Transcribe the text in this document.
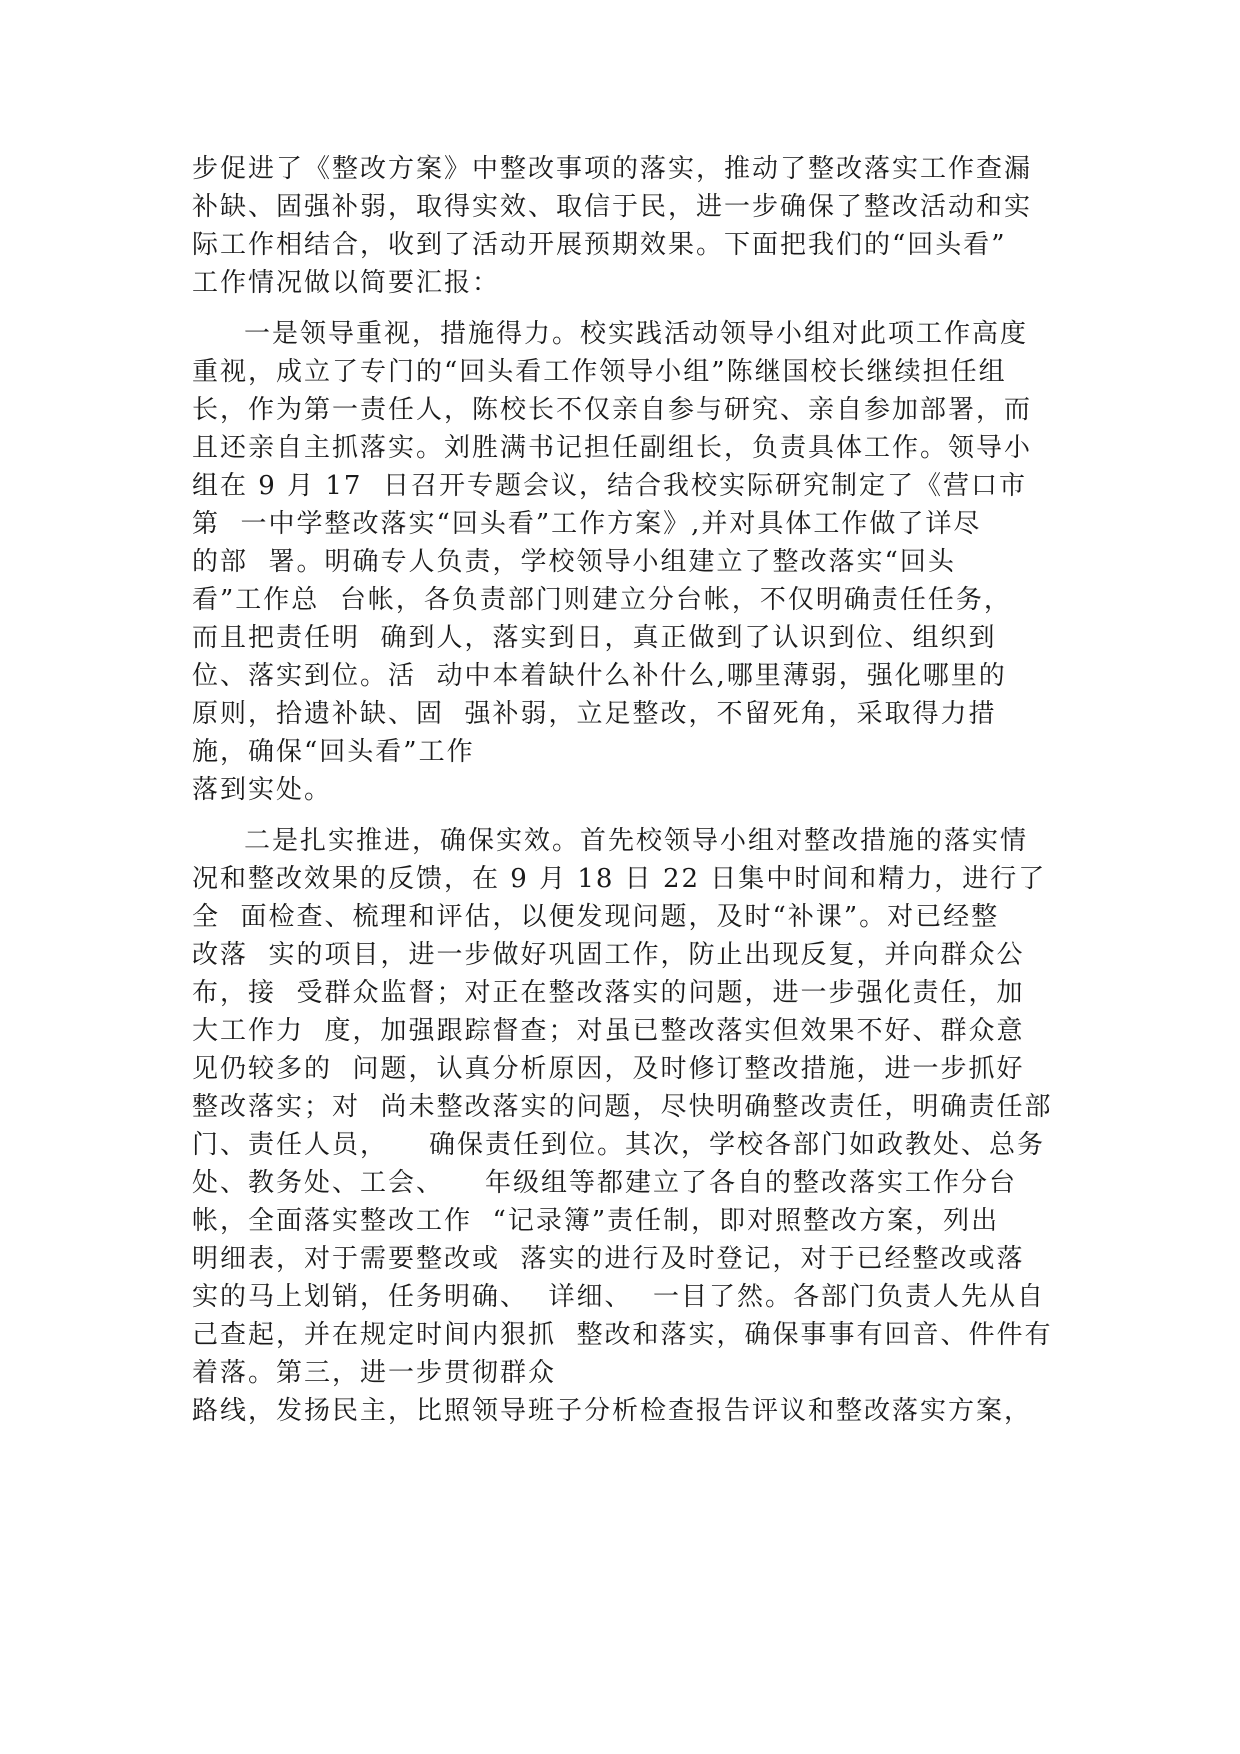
步促进了《整改方案》中整改事项的落实，推动了整改落实工作查漏
补缺、固强补弱，取得实效、取信于民，进一步确保了整改活动和实
际工作相结合，收到了活动开展预期效果。下面把我们的“回头看”
工作情况做以简要汇报：
一是领导重视，措施得力。校实践活动领导小组对此项工作高度
重视，成立了专门的“回头看工作领导小组”陈继国校长继续担任组
长，作为第一责任人，陈校长不仅亲自参与研究、亲自参加部署，而
且还亲自主抓落实。刘胜满书记担任副组长，负责具体工作。领导小
组在 9 月 17  日召开专题会议，结合我校实际研究制定了《营口市
第  一中学整改落实“回头看”工作方案》,并对具体工作做了详尽
的部  署。明确专人负责，学校领导小组建立了整改落实“回头
看”工作总  台帐，各负责部门则建立分台帐，不仅明确责任任务，
而且把责任明  确到人，落实到日，真正做到了认识到位、组织到
位、落实到位。活  动中本着缺什么补什么,哪里薄弱，强化哪里的
原则，拾遗补缺、固  强补弱，立足整改，不留死角，采取得力措
施，确保“回头看”工作
落到实处。
二是扎实推进，确保实效。首先校领导小组对整改措施的落实情
况和整改效果的反馈，在 9 月 18 日 22 日集中时间和精力，进行了
全  面检查、梳理和评估，以便发现问题，及时“补课”。对已经整
改落  实的项目，进一步做好巩固工作，防止出现反复，并向群众公
布，接  受群众监督；对正在整改落实的问题，进一步强化责任，加
大工作力  度，加强跟踪督查；对虽已整改落实但效果不好、群众意
见仍较多的  问题，认真分析原因，及时修订整改措施，进一步抓好
整改落实；对  尚未整改落实的问题，尽快明确整改责任，明确责任部
门、责任人员，    确保责任到位。其次，学校各部门如政教处、总务
处、教务处、工会、    年级组等都建立了各自的整改落实工作分台
帐，全面落实整改工作  “记录簿”责任制，即对照整改方案，列出
明细表，对于需要整改或  落实的进行及时登记，对于已经整改或落
实的马上划销，任务明确、  详细、  一目了然。各部门负责人先从自
己查起，并在规定时间内狠抓  整改和落实，确保事事有回音、件件有
着落。第三，进一步贯彻群众
路线，发扬民主，比照领导班子分析检查报告评议和整改落实方案，
